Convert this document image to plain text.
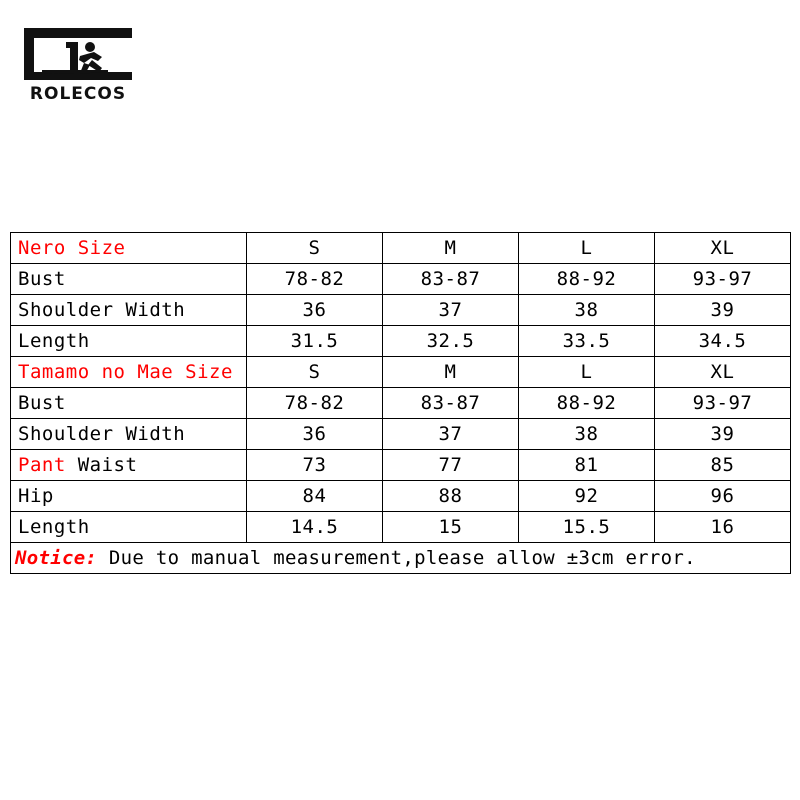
ROLECOS
Nero Size	S	M	L	XL
Bust	78-82	83-87	88-92	93-97
Shoulder Width	36	37	38	39
Length	31.5	32.5	33.5	34.5
Tamamo no Mae Size	S	M	L	XL
Bust	78-82	83-87	88-92	93-97
Shoulder Width	36	37	38	39
Pant Waist	73	77	81	85
Hip	84	88	92	96
Length	14.5	15	15.5	16
Notice: Due to manual measurement,please allow ±3cm error.				
